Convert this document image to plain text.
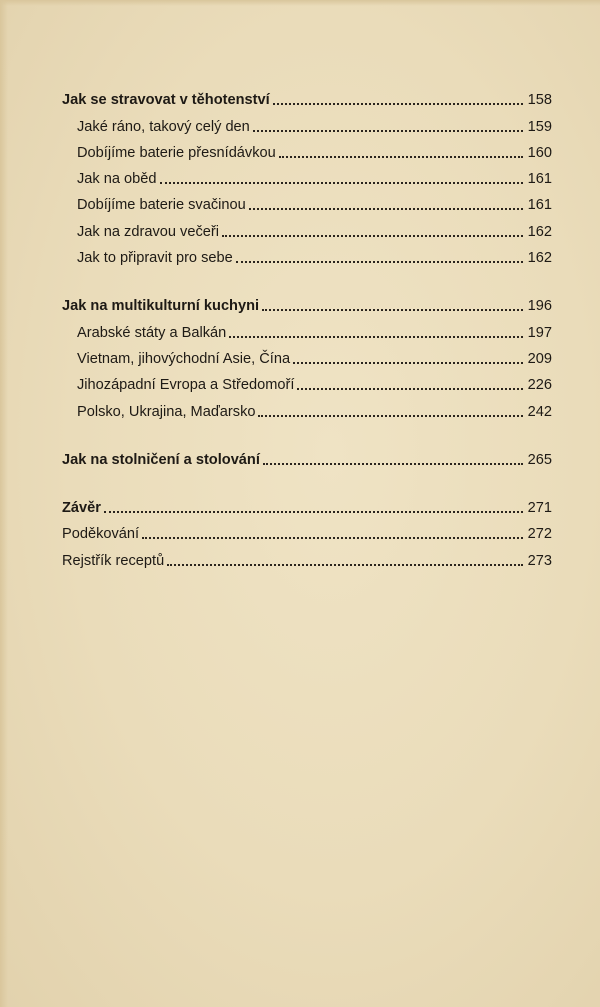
Jak se stravovat v těhotenství	158
Jaké ráno, takový celý den	159
Dobíjíme baterie přesnídávkou	160
Jak na oběd	161
Dobíjíme baterie svačinou	161
Jak na zdravou večeři	162
Jak to připravit pro sebe	162
Jak na multikulturní kuchyni	196
Arabské státy a Balkán	197
Vietnam, jihovýchodní Asie, Čína	209
Jihozápadní Evropa a Středomoří	226
Polsko, Ukrajina, Maďarsko	242
Jak na stolničení a stolování	265
Závěr	271
Poděkování	272
Rejstřík receptů	273
